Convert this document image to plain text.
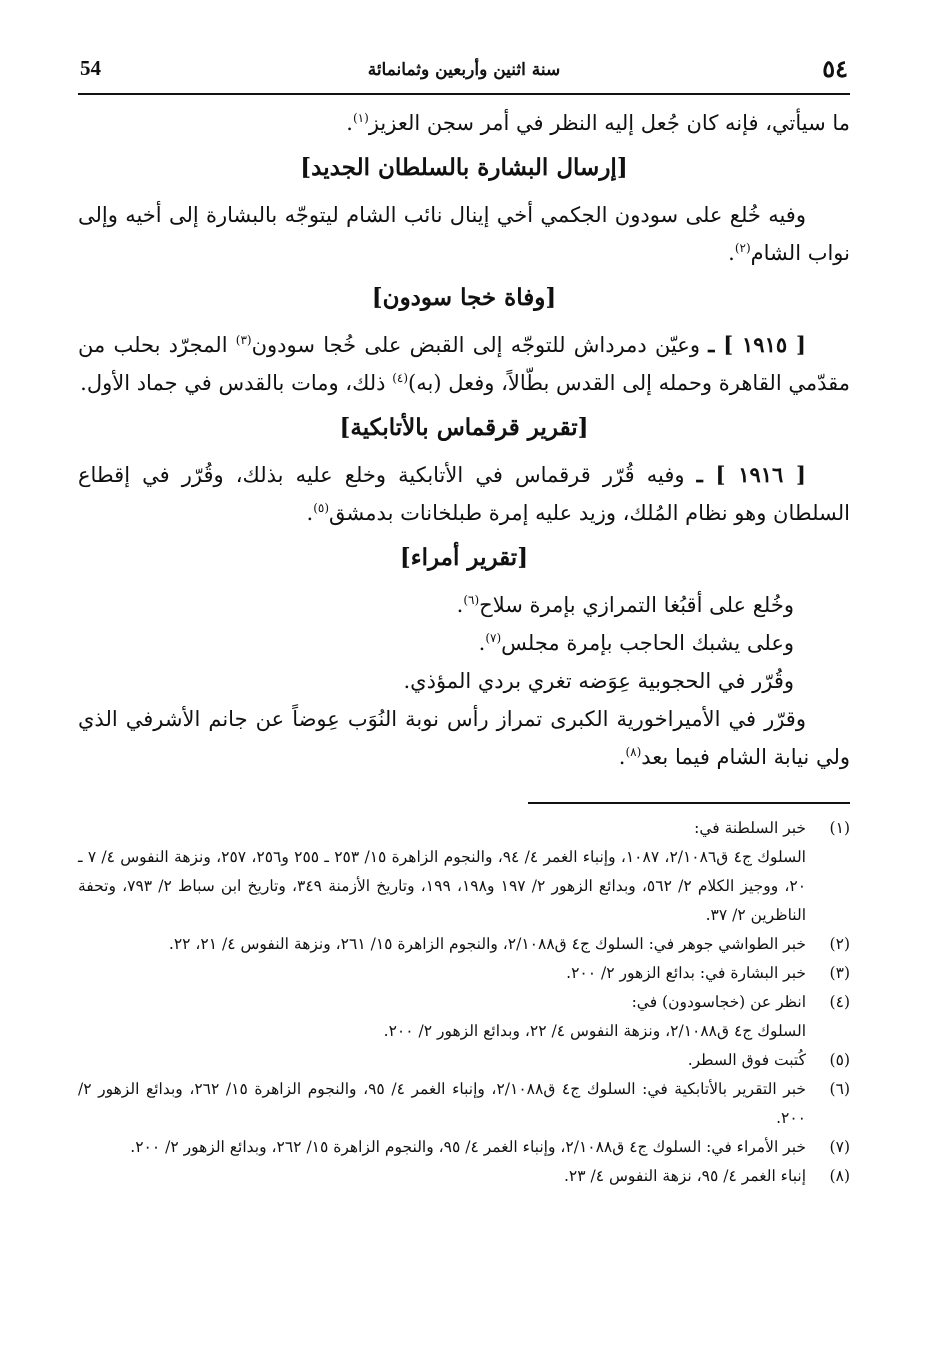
٥٤
سنة اثنين وأربعين وثمانمائة
54

ما سيأتي، فإنه كان جُعل إليه النظر في أمر سجن العزيز$^{(١)}$.

[إرسال البشارة بالسلطان الجديد]

وفيه خُلع على سودون الجكمي أخي إينال نائب الشام ليتوجّه بالبشارة إلى أخيه وإلى نواب الشام$^{(٢)}$.

[وفاة خجا سودون]

[ ١٩١٥ ] ـ وعيّن دمرداش للتوجّه إلى القبض على خُجا سودون$^{(٣)}$ المجرّد بحلب من مقدّمي القاهرة وحمله إلى القدس بطّالاً، وفعل (به)$^{(٤)}$ ذلك، ومات بالقدس في جماد الأول.

[تقرير قرقماس بالأتابكية]

[ ١٩١٦ ] ـ وفيه قُرّر قرقماس في الأتابكية وخلع عليه بذلك، وقُرّر في إقطاع السلطان وهو نظام المُلك، وزيد عليه إمرة طبلخانات بدمشق$^{(٥)}$.

[تقرير أمراء]

وخُلع على أقبُغا التمرازي بإمرة سلاح$^{(٦)}$.

وعلى يشبك الحاجب بإمرة مجلس$^{(٧)}$.

وقُرّر في الحجوبية عِوَضه تغري بردي المؤذي.

وقرّر في الأميراخورية الكبرى تمراز رأس نوبة النُوَب عِوضاً عن جانم الأشرفي الذي ولي نيابة الشام فيما بعد$^{(٨)}$.

(١)
خبر السلطنة في:
السلوك ج٤ ق٢/١٠٨٦، ١٠٨٧، وإنباء الغمر ٤/ ٩٤، والنجوم الزاهرة ١٥/ ٢٥٣ ـ ٢٥٥ و٢٥٦، ٢٥٧، ونزهة النفوس ٤/ ٧ ـ ٢٠، ووجيز الكلام ٢/ ٥٦٢، وبدائع الزهور ٢/ ١٩٧ و١٩٨، ١٩٩، وتاريخ الأزمنة ٣٤٩، وتاريخ ابن سباط ٢/ ٧٩٣، وتحفة الناظرين ٢/ ٣٧.
(٢)
خبر الطواشي جوهر في: السلوك ج٤ ق٢/١٠٨٨، والنجوم الزاهرة ١٥/ ٢٦١، ونزهة النفوس ٤/ ٢١، ٢٢.
(٣)
خبر البشارة في: بدائع الزهور ٢/ ٢٠٠.
(٤)
انظر عن (خجاسودون) في:
السلوك ج٤ ق٢/١٠٨٨، ونزهة النفوس ٤/ ٢٢، وبدائع الزهور ٢/ ٢٠٠.
(٥)
كُتبت فوق السطر.
(٦)
خبر التقرير بالأتابكية في: السلوك ج٤ ق٢/١٠٨٨، وإنباء الغمر ٤/ ٩٥، والنجوم الزاهرة ١٥/ ٢٦٢، وبدائع الزهور ٢/ ٢٠٠.
(٧)
خبر الأمراء في: السلوك ج٤ ق٢/١٠٨٨، وإنباء الغمر ٤/ ٩٥، والنجوم الزاهرة ١٥/ ٢٦٢، وبدائع الزهور ٢/ ٢٠٠.
(٨)
إنباء الغمر ٤/ ٩٥، نزهة النفوس ٤/ ٢٣.
